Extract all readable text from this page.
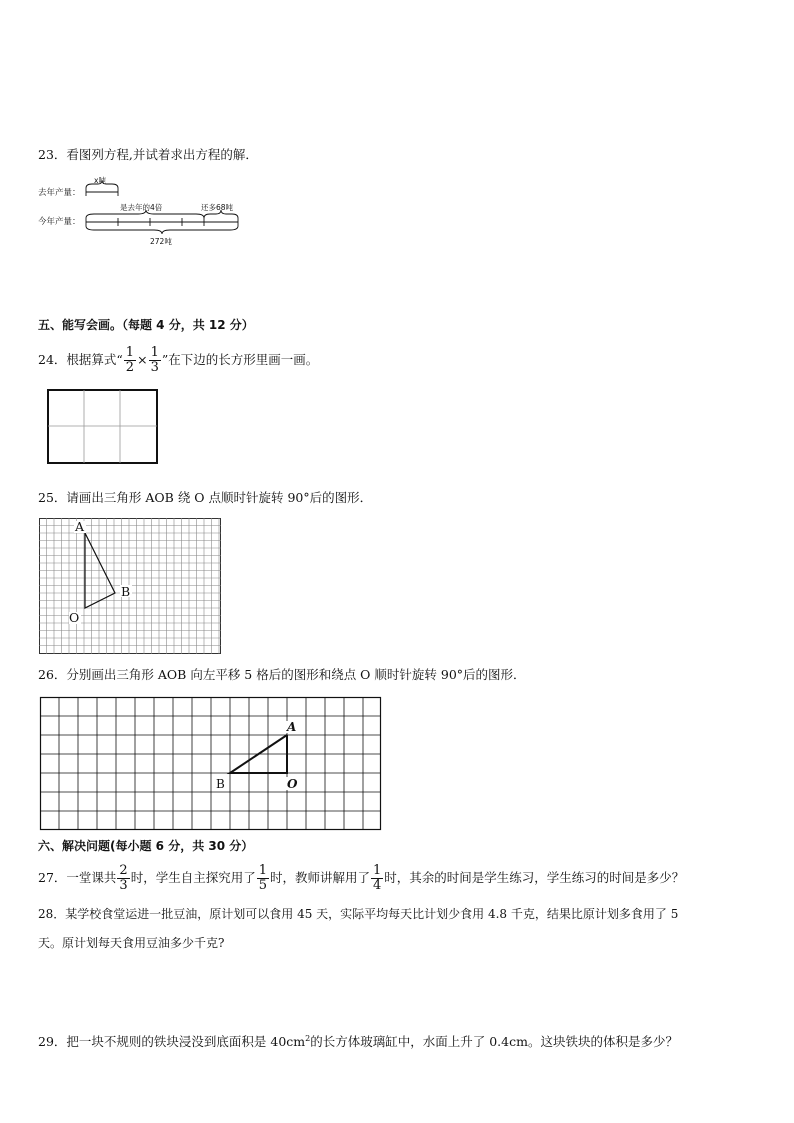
23．看图列方程,并试着求出方程的解．
去年产量：
x吨
今年产量：
是去年的4倍	还多68吨
272吨
五、能写会画。（每题 4 分，共 12 分）
24．根据算式“ $\frac{1}{2} \times \frac{1}{3}$ ”在下边的长方形里画一画。
25．请画出三角形 AOB 绕 O 点顺时针旋转 90°后的图形．
A
B
O
26．分别画出三角形 AOB 向左平移 5 格后的图形和绕点 O 顺时针旋转 90°后的图形．
A
B	O
六、解决问题(每小题 6 分，共 30 分）
27．一堂课共 $\frac{2}{3}$ 时，学生自主探究用了 $\frac{1}{5}$ 时，教师讲解用了 $\frac{1}{4}$ 时，其余的时间是学生练习，学生练习的时间是多少？
28．某学校食堂运进一批豆油，原计划可以食用 45 天，实际平均每天比计划少食用 4.8 千克，结果比原计划多食用了 5
天。原计划每天食用豆油多少千克?
29．把一块不规则的铁块浸没到底面积是 $40cm^2$的长方体玻璃缸中，水面上升了 0.4cm。这块铁块的体积是多少？
